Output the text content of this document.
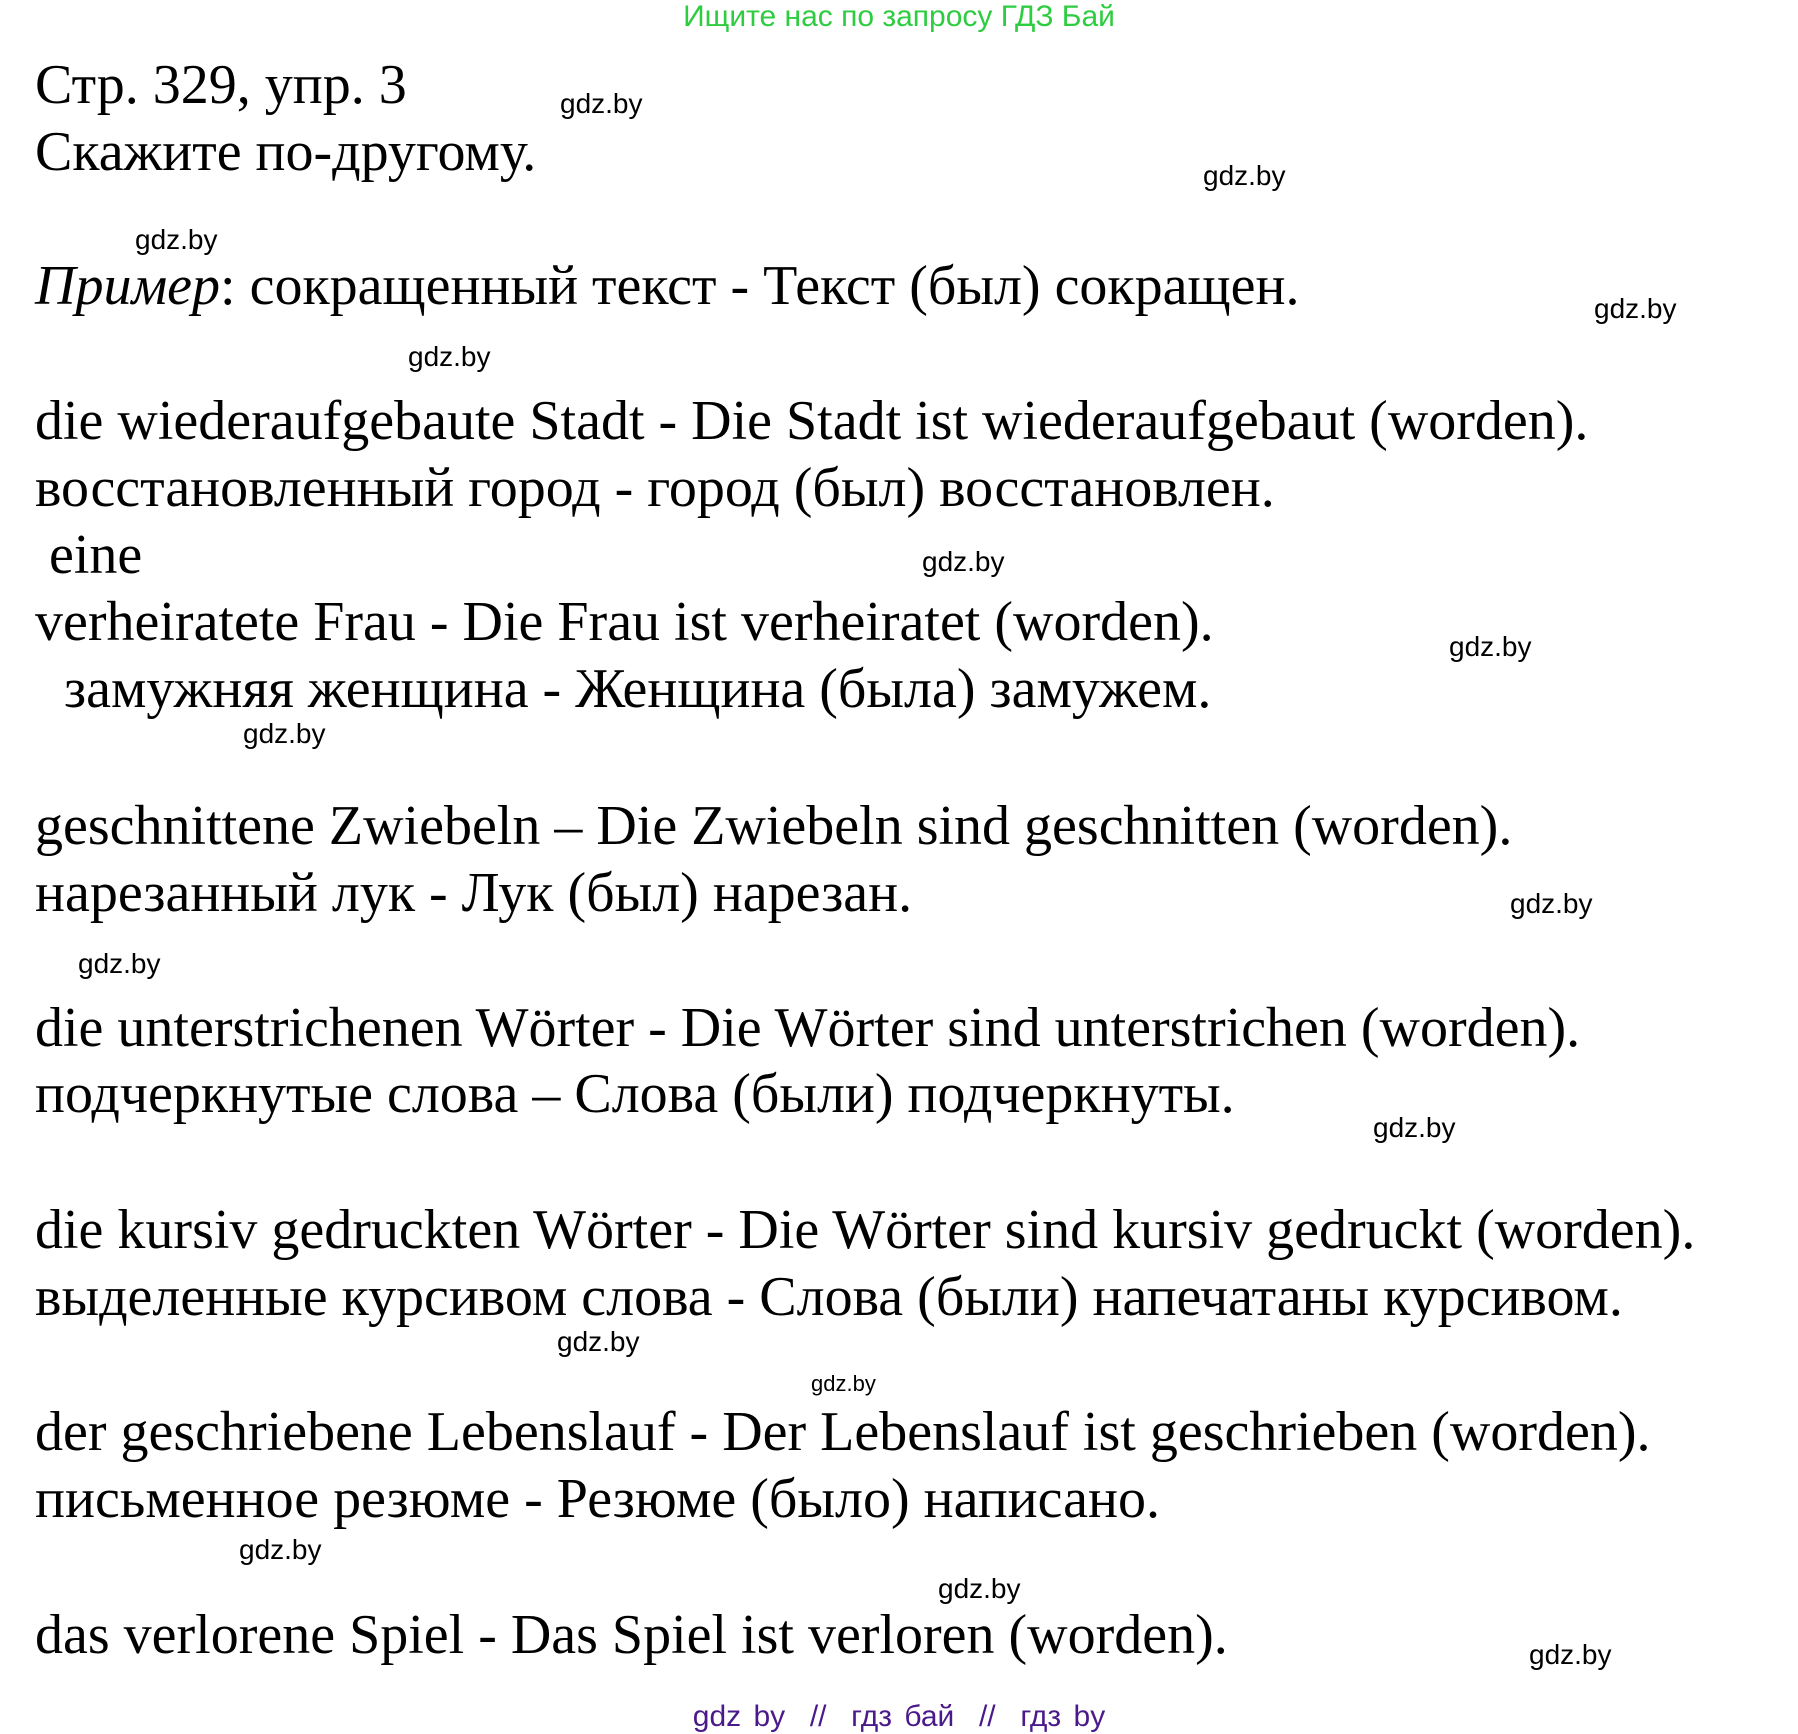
Ищите нас по запросу ГДЗ Бай
Стр. 329, упр. 3
Скажите по-другому.
Пример: сокращенный текст - Текст (был) сокращен.
die wiederaufgebaute Stadt - Die Stadt ist wiederaufgebaut (worden).
восстановленный город - город (был) восстановлен.
eine
verheiratete Frau - Die Frau ist verheiratet (worden).
замужняя женщина - Женщина (была) замужем.
geschnittene Zwiebeln – Die Zwiebeln sind geschnitten (worden).
нарезанный лук - Лук (был) нарезан.
die unterstrichenen Wörter - Die Wörter sind unterstrichen (worden).
подчеркнутые слова – Слова (были) подчеркнуты.
die kursiv gedruckten Wörter - Die Wörter sind kursiv gedruckt (worden).
выделенные курсивом слова - Слова (были) напечатаны курсивом.
der geschriebene Lebenslauf - Der Lebenslauf ist geschrieben (worden).
письменное резюме - Резюме (было) написано.
das verlorene Spiel - Das Spiel ist verloren (worden).
gdz.by
gdz.by
gdz.by
gdz.by
gdz.by
gdz.by
gdz.by
gdz.by
gdz.by
gdz.by
gdz.by
gdz.by
gdz.by
gdz.by
gdz.by
gdz.by
gdz by  //  гдз бай  //  гдз by
